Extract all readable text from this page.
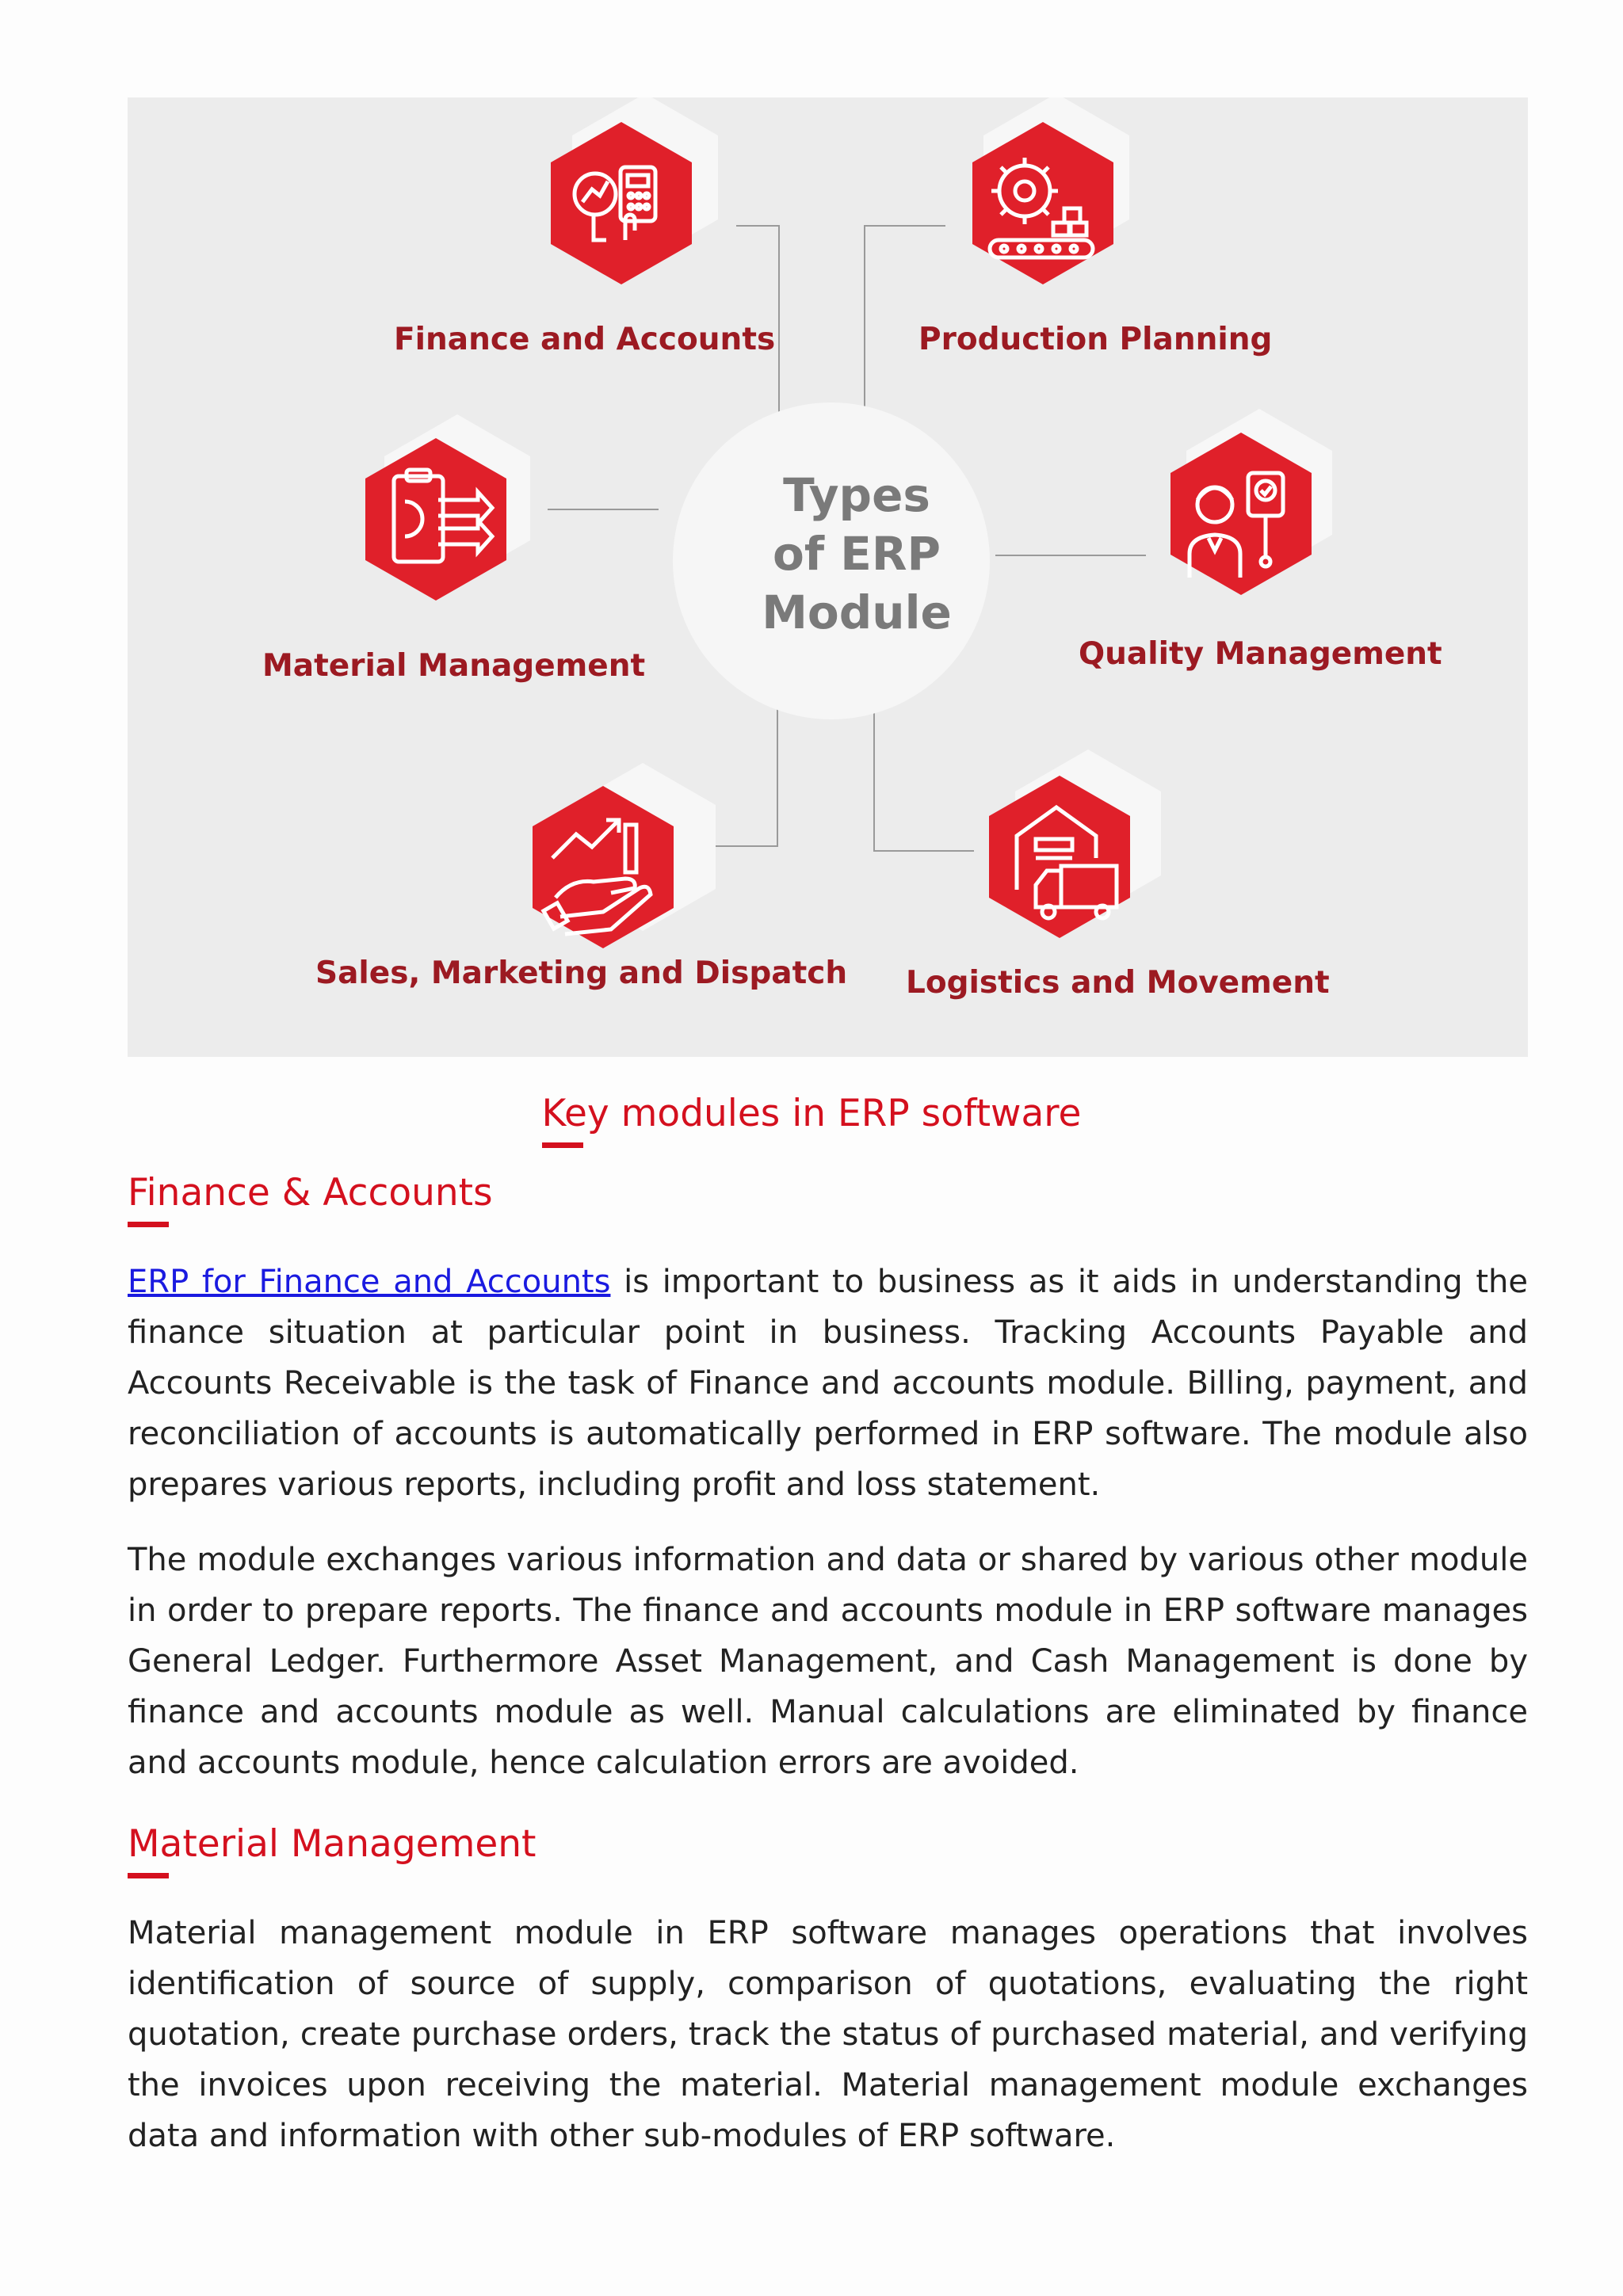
Types
of ERP
Module
Finance and Accounts	Production Planning
Material Management	Quality Management
Sales, Marketing and Dispatch Logistics and Movement
Key modules in ERP software
Finance & Accounts

ERP for Finance and Accounts is important to business as it aids in understanding the finance situation at particular point in business. Tracking Accounts Payable and Accounts Receivable is the task of Finance and accounts module. Billing, payment, and reconciliation of accounts is automatically performed in ERP software. The module also prepares various reports, including profit and loss statement.

The module exchanges various information and data or shared by various other module in order to prepare reports. The finance and accounts module in ERP software manages General Ledger. Furthermore Asset Management, and Cash Management is done by finance and accounts module as well. Manual calculations are eliminated by finance and accounts module, hence calculation errors are avoided.

Material Management

Material management module in ERP software manages operations that involves identification of source of supply, comparison of quotations, evaluating the right quotation, create purchase orders, track the status of purchased material, and verifying the invoices upon receiving the material. Material management module exchanges data and information with other sub-modules of ERP software.
